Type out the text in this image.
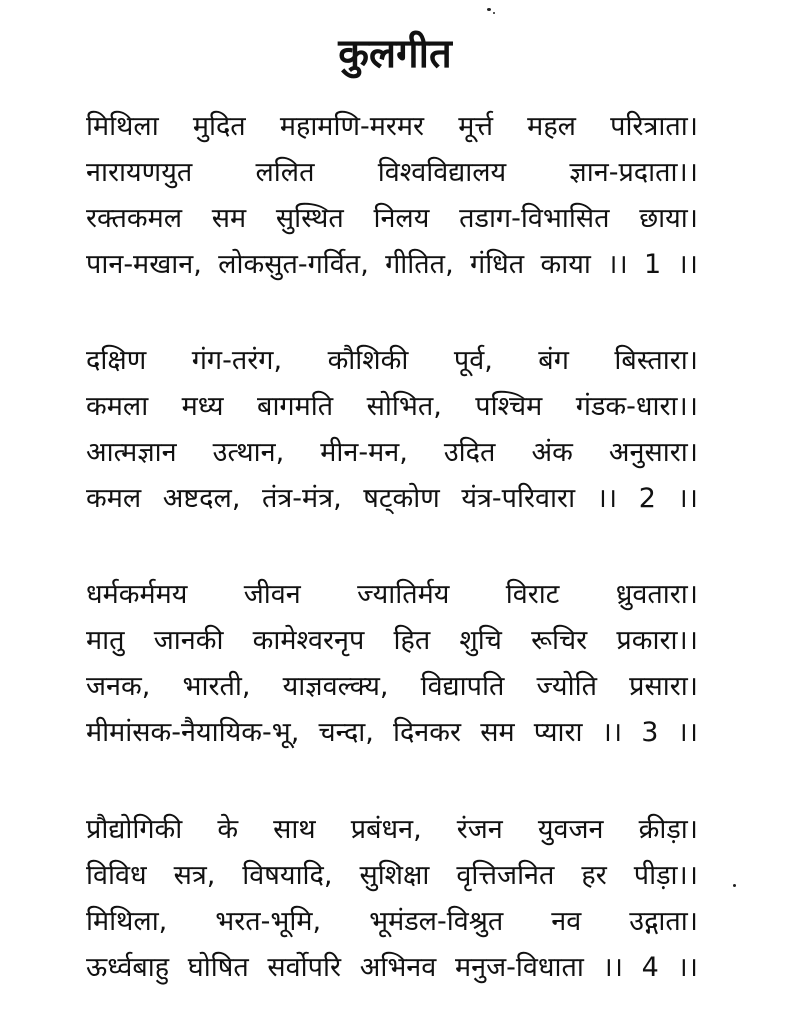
कुलगीत
मिथिला मुदित महामणि-मरमर मूर्त्त महल परित्राता।
नारायणयुत ललित विश्वविद्यालय ज्ञान-प्रदाता।।
रक्तकमल सम सुस्थित निलय तडाग-विभासित छाया।
पान-मखान, लोकसुत-गर्वित, गीतित, गंधित काया ।। 1 ।।
दक्षिण गंग-तरंग, कौशिकी पूर्व, बंग बिस्तारा।
कमला मध्य बागमति सोभित, पश्चिम गंडक-धारा।।
आत्मज्ञान उत्थान, मीन-मन, उदित अंक अनुसारा।
कमल अष्टदल, तंत्र-मंत्र, षट्कोण यंत्र-परिवारा ।। 2 ।।
धर्मकर्ममय जीवन ज्यातिर्मय विराट ध्रुवतारा।
मातु जानकी कामेश्वरनृप हित शुचि रूचिर प्रकारा।।
जनक, भारती, याज्ञवल्क्य, विद्यापति ज्योति प्रसारा।
मीमांसक-नैयायिक-भू, चन्दा, दिनकर सम प्यारा ।। 3 ।।
प्रौद्योगिकी के साथ प्रबंधन, रंजन युवजन क्रीड़ा।
विविध सत्र, विषयादि, सुशिक्षा वृत्तिजनित हर पीड़ा।।
मिथिला, भरत-भूमि, भूमंडल-विश्रुत नव उद्गाता।
ऊर्ध्वबाहु घोषित सर्वोपरि अभिनव मनुज-विधाता ।। 4 ।।
